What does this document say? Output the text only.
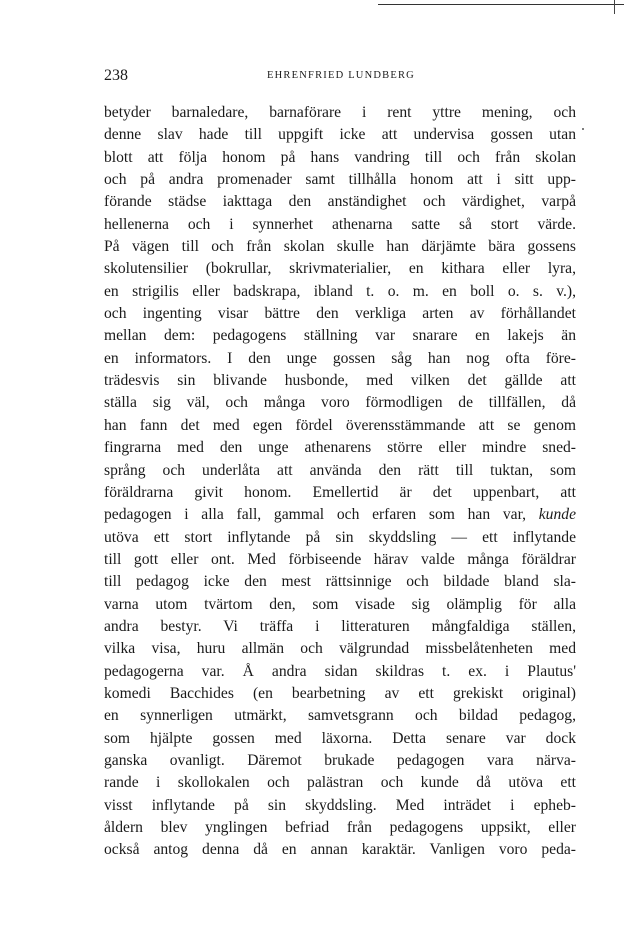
238	EHRENFRIED LUNDBERG
betyder barnaledare, barnaförare i rent yttre mening, och
denne slav hade till uppgift icke att undervisa gossen utan
blott att följa honom på hans vandring till och från skolan
och på andra promenader samt tillhålla honom att i sitt upp-
förande städse iakttaga den anständighet och värdighet, varpå
hellenerna och i synnerhet athenarna satte så stort värde.
På vägen till och från skolan skulle han därjämte bära gossens
skolutensilier (bokrullar, skrivmaterialier, en kithara eller lyra,
en strigilis eller badskrapa, ibland t. o. m. en boll o. s. v.),
och ingenting visar bättre den verkliga arten av förhållandet
mellan dem: pedagogens ställning var snarare en lakejs än
en informators. I den unge gossen såg han nog ofta före-
trädesvis sin blivande husbonde, med vilken det gällde att
ställa sig väl, och många voro förmodligen de tillfällen, då
han fann det med egen fördel överensstämmande att se genom
fingrarna med den unge athenarens större eller mindre sned-
språng och underlåta att använda den rätt till tuktan, som
föräldrarna givit honom. Emellertid är det uppenbart, att
pedagogen i alla fall, gammal och erfaren som han var, kunde
utöva ett stort inflytande på sin skyddsling — ett inflytande
till gott eller ont. Med förbiseende härav valde många föräldrar
till pedagog icke den mest rättsinnige och bildade bland sla-
varna utom tvärtom den, som visade sig olämplig för alla
andra bestyr. Vi träffa i litteraturen mångfaldiga ställen,
vilka visa, huru allmän och välgrundad missbelåtenheten med
pedagogerna var. Å andra sidan skildras t. ex. i Plautus'
komedi Bacchides (en bearbetning av ett grekiskt original)
en synnerligen utmärkt, samvetsgrann och bildad pedagog,
som hjälpte gossen med läxorna. Detta senare var dock
ganska ovanligt. Däremot brukade pedagogen vara närva-
rande i skollokalen och palästran och kunde då utöva ett
visst inflytande på sin skyddsling. Med inträdet i epheb-
åldern blev ynglingen befriad från pedagogens uppsikt, eller
också antog denna då en annan karaktär. Vanligen voro peda-
